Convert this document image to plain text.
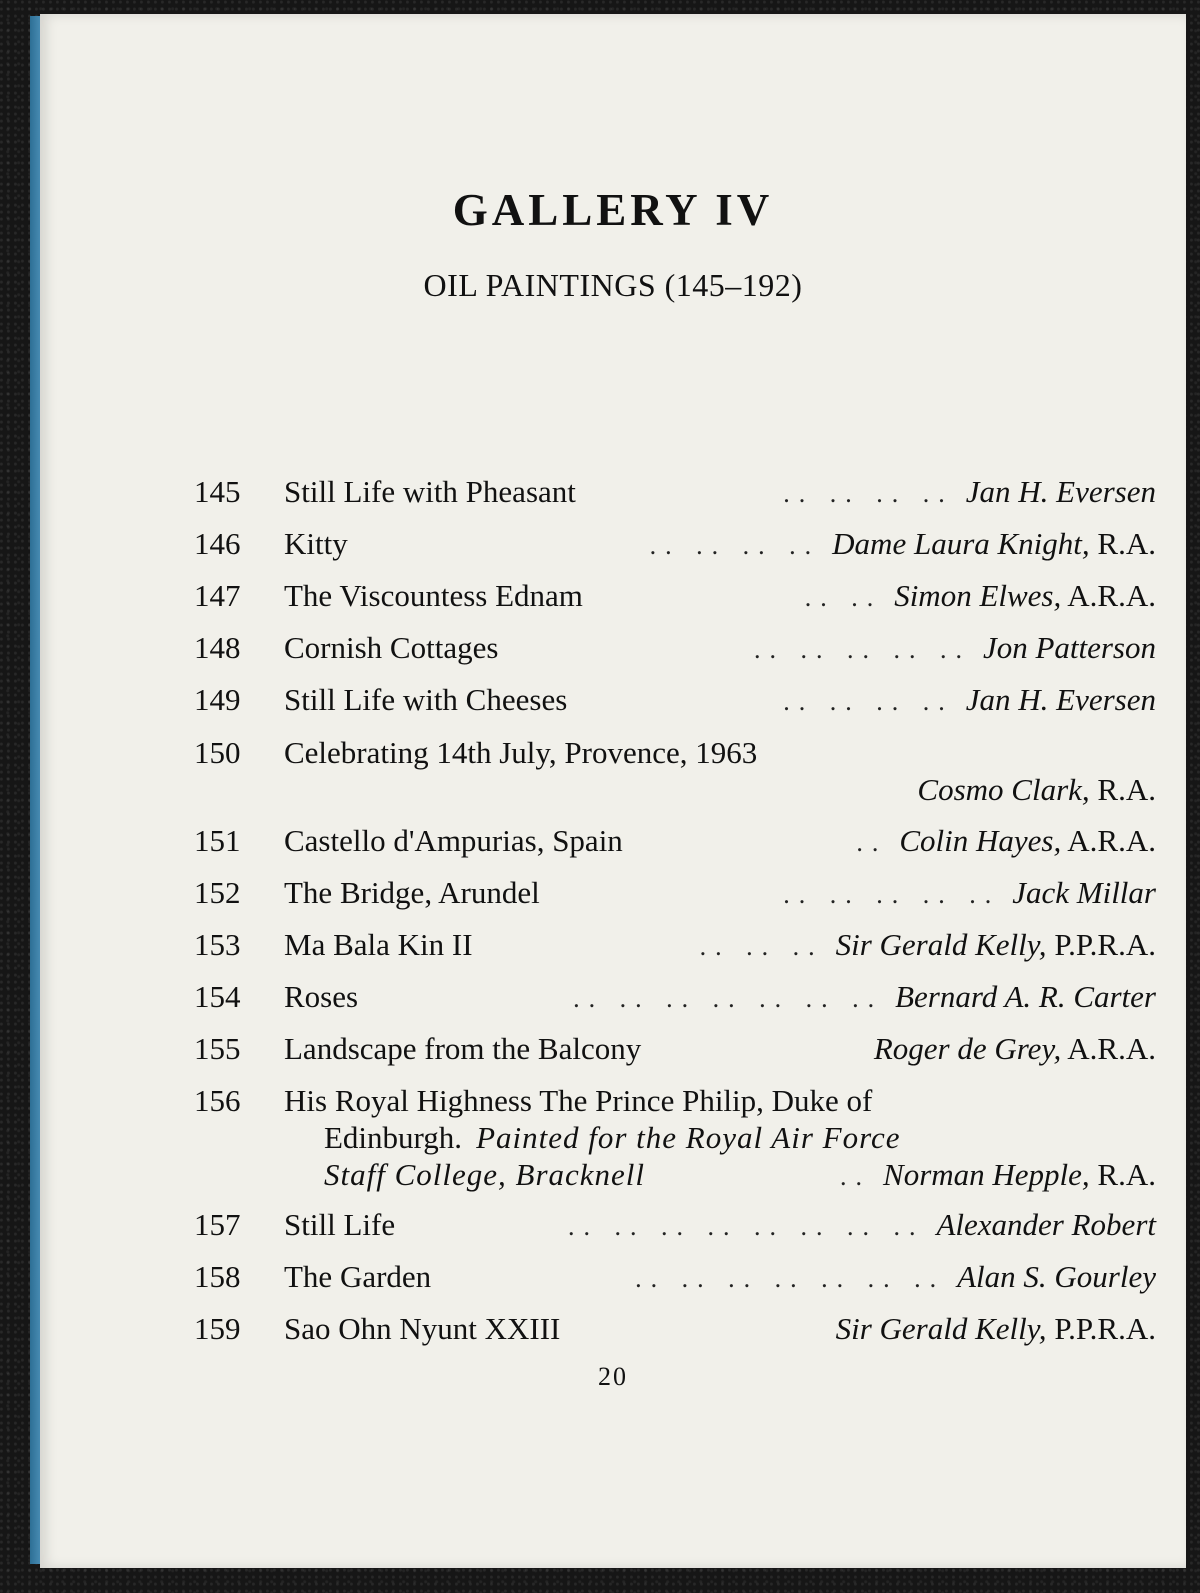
GALLERY IV
OIL PAINTINGS (145–192)
145 Still Life with Pheasant	.. .. .. .. Jan H. Eversen
146 Kitty	.. .. .. .. Dame Laura Knight, R.A.
147 The Viscountess Ednam	.. .. Simon Elwes, A.R.A.
148 Cornish Cottages	.. .. .. .. .. Jon Patterson
149 Still Life with Cheeses	.. .. .. .. Jan H. Eversen
150 Celebrating 14th July, Provence, 1963
Cosmo Clark, R.A.
151 Castello d'Ampurias, Spain	.. Colin Hayes, A.R.A.
152 The Bridge, Arundel	.. .. .. .. .. Jack Millar
153 Ma Bala Kin II	.. .. .. Sir Gerald Kelly, P.P.R.A.
154 Roses	.. .. .. .. .. .. .. Bernard A. R. Carter
155 Landscape from the Balcony	Roger de Grey, A.R.A.
156 His Royal Highness The Prince Philip, Duke of
Edinburgh. Painted for the Royal Air Force
Staff College, Bracknell	.. Norman Hepple, R.A.
157 Still Life	.. .. .. .. .. .. .. .. Alexander Robert
158 The Garden	.. .. .. .. .. .. .. Alan S. Gourley
159 Sao Ohn Nyunt XXIII	Sir Gerald Kelly, P.P.R.A.
20
